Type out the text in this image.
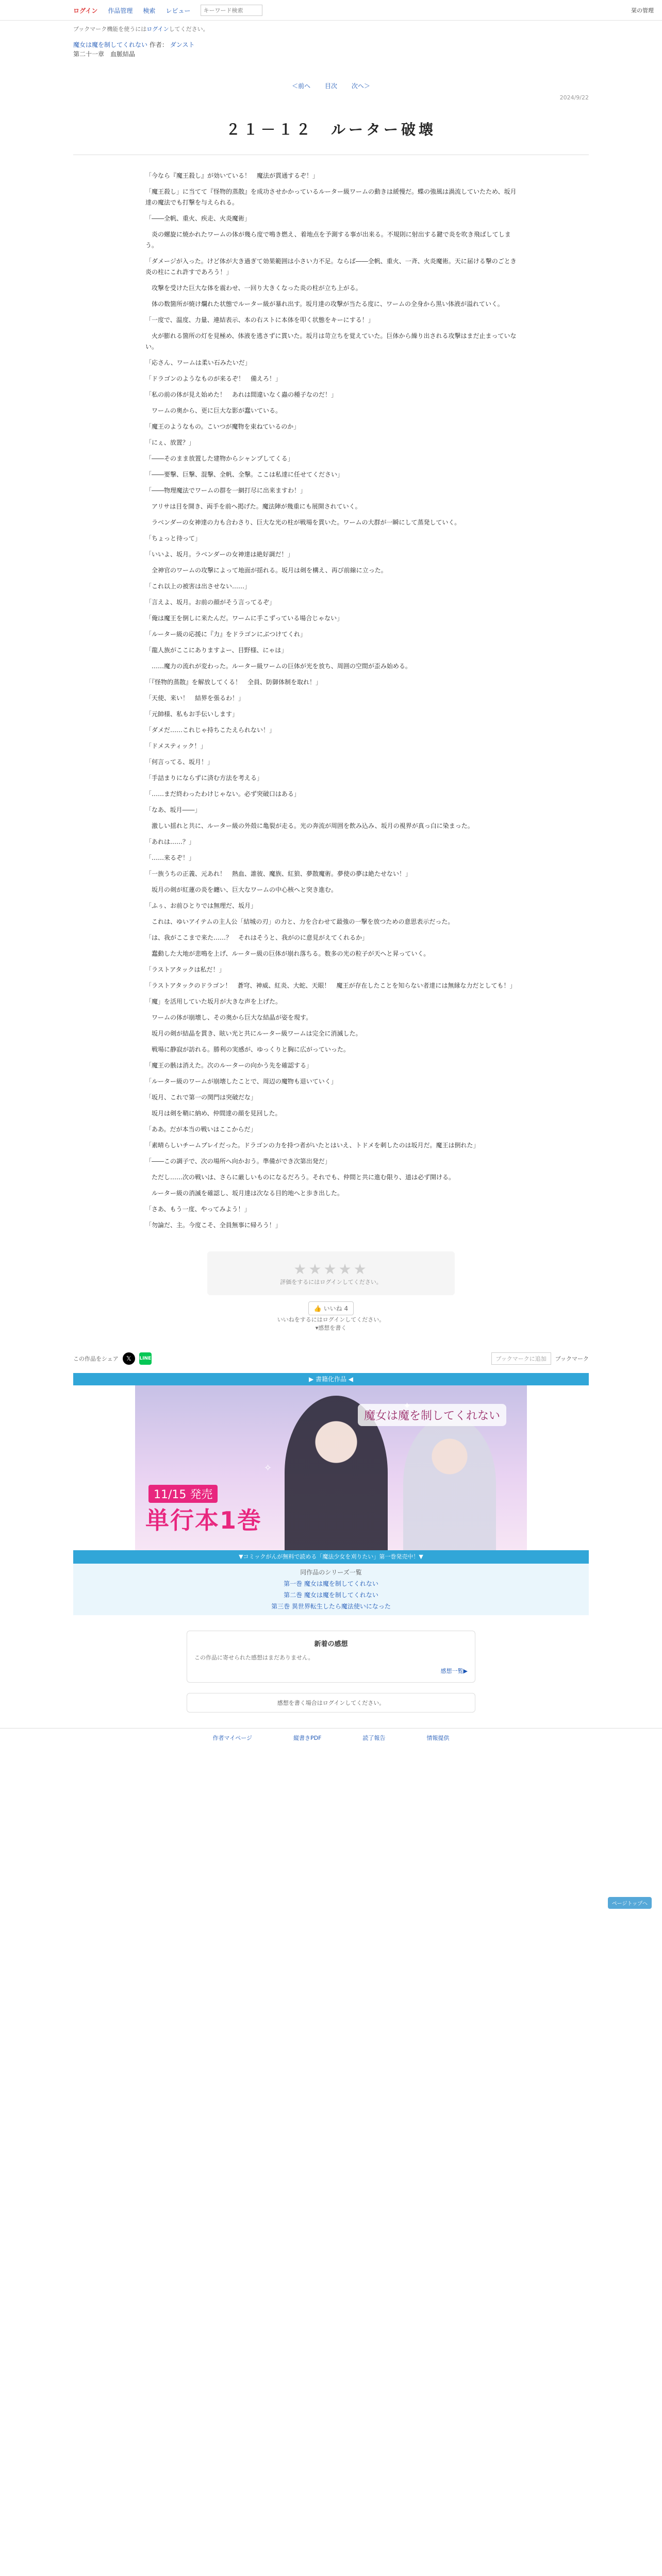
ログイン 作品管理 検索 レビュー
キーワード検索	栞の管理
ブックマーク機能を使うにはログインしてください。
魔女は魔を制してくれない 作者： ダンスト
第二十一章　血脈結晶
＜前へ 目次 次へ＞
2024/9/22
２１－１２　ルーター破壊

「今なら『魔王殺し』が効いている！　魔法が貫通するぞ！」

「魔王殺し」に当てて『怪物的蒸散』を成功させかかっているルーター級ワームの動きは緩慢だ。蝶の強風は渦流していたため、坂月達の魔法でも打撃を与えられる。

「――全帆、重火、疾走、火炎魔術」

　炎の螺旋に焼かれたワームの体が幾ら度で鳴き燃え、着地点を予測する事が出来る。不規則に射出する鍵で炎を吹き飛ばしてしまう。

「ダメージが入った。けど体が大き過ぎて効果範囲は小さい力不足。ならば――全帆、重火、一斉、火炎魔術。天に届ける撃のごとき炎の柱にこれ許すであろう！」

　攻撃を受けた巨大な体を震わせ、一回り大きくなった炎の柱が立ち上がる。

　体の数箇所が焼け爛れた状態でルーター級が暴れ出す。坂月達の攻撃が当たる度に、ワームの全身から黒い体液が溢れていく。

「一度で、温度、力量、連結表示、本の右ストに本体を叩く状態をキーにする！」

　火が膨れる箇所の灯を見極め、体液を逃さずに貫いた。坂月は苛立ちを覚えていた。巨体から繰り出される攻撃はまだ止まっていない。

「応さん、ワームは柔い石みたいだ」

「ドラゴンのようなものが来るぞ！　備えろ！」

「私の前の体が見え始めた！　あれは間違いなく蟲の種子なのだ！」

　ワームの奥から、更に巨大な影が蠢いている。

「魔王のようなもの。こいつが魔物を束ねているのか」

「にぇ、放置？」

「――そのまま放置した建物からシャンプしてくる」

「――要撃、巨撃、混撃、全帆、全撃。ここは私達に任せてください」

「――物理魔法でワームの群を一網打尽に出来ますわ！」

　アリサは目を開き、両手を前へ掲げた。魔法陣が幾重にも展開されていく。

　ラベンダーの女神達の力も合わさり、巨大な光の柱が戦場を貫いた。ワームの大群が一瞬にして蒸発していく。

「ちょっと待って」

「いいよ、坂月。ラベンダーの女神達は絶好調だ！」

　全神官のワームの攻撃によって地面が揺れる。坂月は剣を構え、再び前線に立った。

「これ以上の被害は出させない……」

「言えよ、坂月。お前の顔がそう言ってるぞ」

「俺は魔王を倒しに来たんだ。ワームに手こずっている場合じゃない」

「ルーター級の応援に『力』をドラゴンにぶつけてくれ」

「龍人族がここにありますよー、目野様、にゃは」

　……魔力の流れが変わった。ルーター級ワームの巨体が光を放ち、周囲の空間が歪み始める。

「『怪物的蒸散』を解放してくる！　全員、防御体制を取れ！」

「天使、来い！　結界を張るわ！」

「元帥様、私もお手伝いします」

「ダメだ……これじゃ持ちこたえられない！」

「ドメスティック！」

「何言ってる、坂月！」

「手詰まりにならずに済む方法を考える」

「……まだ終わったわけじゃない。必ず突破口はある」

「なあ、坂月――」

　激しい揺れと共に、ルーター級の外殻に亀裂が走る。光の奔流が周囲を飲み込み、坂月の視界が真っ白に染まった。

「あれは……？」

「……来るぞ！」

「一族うちの正義、元あれ！　熱血、誰彼、魔族、紅狼、夢散魔術。夢使の夢は絶たせない！」

　坂月の剣が紅蓮の炎を纏い、巨大なワームの中心核へと突き進む。

「ふぅ、お前ひとりでは無理だ、坂月」

　これは、ゆいアイテムの主人公「結城の刃」の力と、力を合わせて最強の一撃を放つための意思表示だった。

「は、我がここまで来た……？　それはそうと、我がのに意見がえてくれるか」

　蠢動した大地が悲鳴を上げ、ルーター級の巨体が崩れ落ちる。数多の光の粒子が天へと昇っていく。

「ラストアタックは私だ！」

「ラストアタックのドラゴン！　蒼穹、神威、紅炎、大蛇、天眼！　魔王が存在したことを知らない者達には無縁な力だとしても！」

「魔」を活用していた坂月が大きな声を上げた。

　ワームの体が崩壊し、その奥から巨大な結晶が姿を現す。

　坂月の剣が結晶を貫き、眩い光と共にルーター級ワームは完全に消滅した。

　戦場に静寂が訪れる。勝利の実感が、ゆっくりと胸に広がっていった。

「魔王の骸は消えた。次のルーターの向かう先を確認する」

「ルーター級のワームが崩壊したことで、周辺の魔物も退いていく」

「坂月、これで第一の関門は突破だな」

　坂月は剣を鞘に納め、仲間達の顔を見回した。

「ああ。だが本当の戦いはここからだ」

「素晴らしいチームプレイだった。ドラゴンの力を持つ者がいたとはいえ、トドメを刺したのは坂月だ。魔王は倒れた」

「――この調子で、次の場所へ向かおう。準備ができ次第出発だ」

　ただし……次の戦いは、さらに厳しいものになるだろう。それでも、仲間と共に進む限り、道は必ず開ける。

　ルーター級の消滅を確認し、坂月達は次なる目的地へと歩き出した。

「さあ、もう一度、やってみよう！」

「勿論だ、主。今度こそ、全員無事に帰ろう！」

★★★★★
評価をするにはログインしてください。
👍 いいね 4
いいねをするにはログインしてください。
▾感想を書く
この作品をシェア	𝕏	LINE	ブックマークに追加	ブックマーク
▶ 書籍化作品 ◀
✧
魔女は魔を制してくれない
11/15 発売
単行本1巻
▼コミックがんが無料で読める「魔法少女を刈りたい」第一巻発売中！▼
同作品のシリーズ一覧
第一巻 魔女は魔を制してくれない
第二巻 魔女は魔を制してくれない
第三巻 異世界転生したら魔法使いになった
新着の感想
この作品に寄せられた感想はまだありません。
感想一覧▶
感想を書く場合はログインしてください。
作者マイページ	縦書きPDF	読了報告	情報提供
ページトップへ
